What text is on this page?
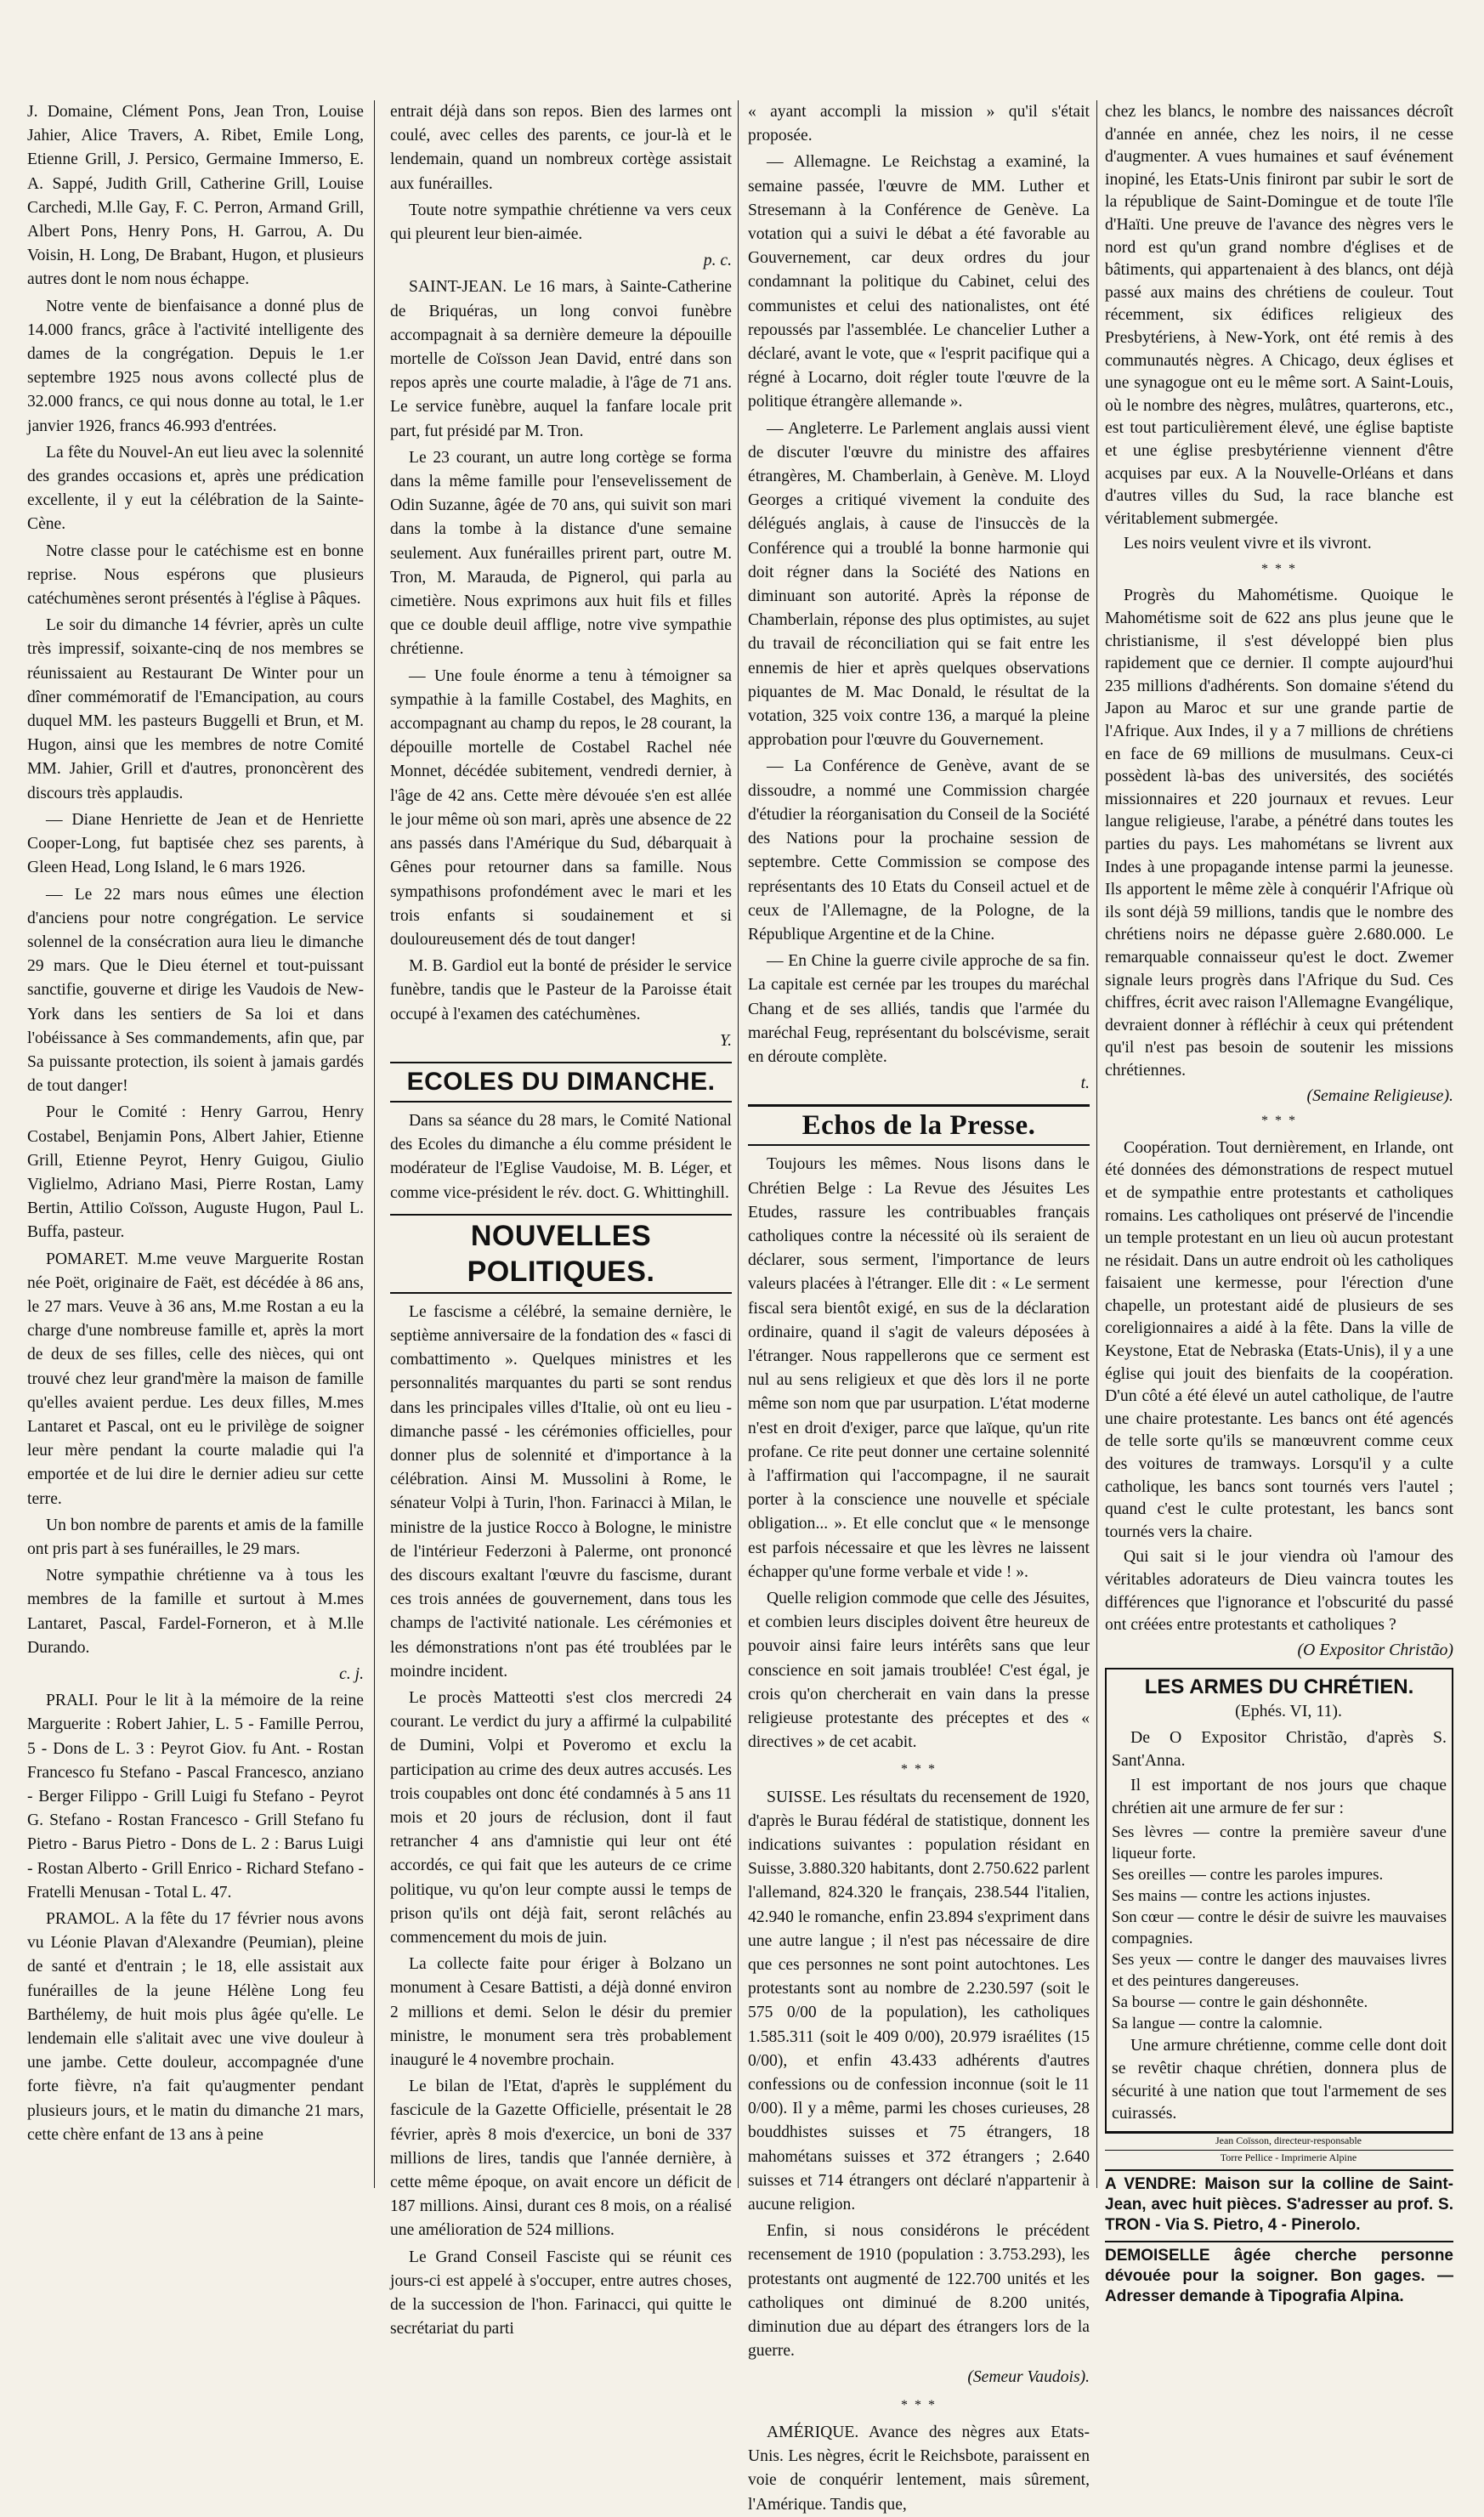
J. Domaine, Clément Pons, Jean Tron, Louise Jahier, Alice Travers, A. Ribet, Emile Long, Etienne Grill, J. Persico, Germaine Immerso, E. A. Sappé, Judith Grill, Catherine Grill, Louise Carchedi, M.lle Gay, F. C. Perron, Armand Grill, Albert Pons, Henry Pons, H. Garrou, A. Du Voisin, H. Long, De Brabant, Hugon, et plusieurs autres dont le nom nous échappe.

Notre vente de bienfaisance a donné plus de 14.000 francs, grâce à l'activité intelligente des dames de la congrégation. Depuis le 1.er septembre 1925 nous avons collecté plus de 32.000 francs, ce qui nous donne au total, le 1.er janvier 1926, francs 46.993 d'entrées.

La fête du Nouvel-An eut lieu avec la solennité des grandes occasions et, après une prédication excellente, il y eut la célébration de la Sainte-Cène.

Notre classe pour le catéchisme est en bonne reprise. Nous espérons que plusieurs catéchumènes seront présentés à l'église à Pâques.

Le soir du dimanche 14 février, après un culte très impressif, soixante-cinq de nos membres se réunissaient au Restaurant De Winter pour un dîner commémoratif de l'Emancipation, au cours duquel MM. les pasteurs Buggelli et Brun, et M. Hugon, ainsi que les membres de notre Comité MM. Jahier, Grill et d'autres, prononcèrent des discours très applaudis.

— Diane Henriette de Jean et de Henriette Cooper-Long, fut baptisée chez ses parents, à Gleen Head, Long Island, le 6 mars 1926.

— Le 22 mars nous eûmes une élection d'anciens pour notre congrégation. Le service solennel de la consécration aura lieu le dimanche 29 mars. Que le Dieu éternel et tout-puissant sanctifie, gouverne et dirige les Vaudois de New-York dans les sentiers de Sa loi et dans l'obéissance à Ses commandements, afin que, par Sa puissante protection, ils soient à jamais gardés de tout danger!

Pour le Comité : Henry Garrou, Henry Costabel, Benjamin Pons, Albert Jahier, Etienne Grill, Etienne Peyrot, Henry Guigou, Giulio Viglielmo, Adriano Masi, Pierre Rostan, Lamy Bertin, Attilio Coïsson, Auguste Hugon, Paul L. Buffa, pasteur.

POMARET. M.me veuve Marguerite Rostan née Poët, originaire de Faët, est décédée à 86 ans, le 27 mars. Veuve à 36 ans, M.me Rostan a eu la charge d'une nombreuse famille et, après la mort de deux de ses filles, celle des nièces, qui ont trouvé chez leur grand'mère la maison de famille qu'elles avaient perdue. Les deux filles, M.mes Lantaret et Pascal, ont eu le privilège de soigner leur mère pendant la courte maladie qui l'a emportée et de lui dire le dernier adieu sur cette terre.

Un bon nombre de parents et amis de la famille ont pris part à ses funérailles, le 29 mars.

Notre sympathie chrétienne va à tous les membres de la famille et surtout à M.mes Lantaret, Pascal, Fardel-Forneron, et à M.lle Durando.

c. j.

PRALI. Pour le lit à la mémoire de la reine Marguerite : Robert Jahier, L. 5 - Famille Perrou, 5 - Dons de L. 3 : Peyrot Giov. fu Ant. - Rostan Francesco fu Stefano - Pascal Francesco, anziano - Berger Filippo - Grill Luigi fu Stefano - Peyrot G. Stefano - Rostan Francesco - Grill Stefano fu Pietro - Barus Pietro - Dons de L. 2 : Barus Luigi - Rostan Alberto - Grill Enrico - Richard Stefano - Fratelli Menusan - Total L. 47.

PRAMOL. A la fête du 17 février nous avons vu Léonie Plavan d'Alexandre (Peumian), pleine de santé et d'entrain ; le 18, elle assistait aux funérailles de la jeune Hélène Long feu Barthélemy, de huit mois plus âgée qu'elle. Le lendemain elle s'alitait avec une vive douleur à une jambe. Cette douleur, accompagnée d'une forte fièvre, n'a fait qu'augmenter pendant plusieurs jours, et le matin du dimanche 21 mars, cette chère enfant de 13 ans à peine

entrait déjà dans son repos. Bien des larmes ont coulé, avec celles des parents, ce jour-là et le lendemain, quand un nombreux cortège assistait aux funérailles.

Toute notre sympathie chrétienne va vers ceux qui pleurent leur bien-aimée.

p. c.

SAINT-JEAN. Le 16 mars, à Sainte-Catherine de Briquéras, un long convoi funèbre accompagnait à sa dernière demeure la dépouille mortelle de Coïsson Jean David, entré dans son repos après une courte maladie, à l'âge de 71 ans. Le service funèbre, auquel la fanfare locale prit part, fut présidé par M. Tron.

Le 23 courant, un autre long cortège se forma dans la même famille pour l'ensevelissement de Odin Suzanne, âgée de 70 ans, qui suivit son mari dans la tombe à la distance d'une semaine seulement. Aux funérailles prirent part, outre M. Tron, M. Marauda, de Pignerol, qui parla au cimetière. Nous exprimons aux huit fils et filles que ce double deuil afflige, notre vive sympathie chrétienne.

— Une foule énorme a tenu à témoigner sa sympathie à la famille Costabel, des Maghits, en accompagnant au champ du repos, le 28 courant, la dépouille mortelle de Costabel Rachel née Monnet, décédée subitement, vendredi dernier, à l'âge de 42 ans. Cette mère dévouée s'en est allée le jour même où son mari, après une absence de 22 ans passés dans l'Amérique du Sud, débarquait à Gênes pour retourner dans sa famille. Nous sympathisons profondément avec le mari et les trois enfants si soudainement et si douloureusement dés de tout danger!

M. B. Gardiol eut la bonté de présider le service funèbre, tandis que le Pasteur de la Paroisse était occupé à l'examen des catéchumènes.

Y.

ECOLES DU DIMANCHE.

Dans sa séance du 28 mars, le Comité National des Ecoles du dimanche a élu comme président le modérateur de l'Eglise Vaudoise, M. B. Léger, et comme vice-président le rév. doct. G. Whittinghill.

NOUVELLES POLITIQUES.

Le fascisme a célébré, la semaine dernière, le septième anniversaire de la fondation des « fasci di combattimento ». Quelques ministres et les personnalités marquantes du parti se sont rendus dans les principales villes d'Italie, où ont eu lieu - dimanche passé - les cérémonies officielles, pour donner plus de solennité et d'importance à la célébration. Ainsi M. Mussolini à Rome, le sénateur Volpi à Turin, l'hon. Farinacci à Milan, le ministre de la justice Rocco à Bologne, le ministre de l'intérieur Federzoni à Palerme, ont prononcé des discours exaltant l'œuvre du fascisme, durant ces trois années de gouvernement, dans tous les champs de l'activité nationale. Les cérémonies et les démonstrations n'ont pas été troublées par le moindre incident.

Le procès Matteotti s'est clos mercredi 24 courant. Le verdict du jury a affirmé la culpabilité de Dumini, Volpi et Poveromo et exclu la participation au crime des deux autres accusés. Les trois coupables ont donc été condamnés à 5 ans 11 mois et 20 jours de réclusion, dont il faut retrancher 4 ans d'amnistie qui leur ont été accordés, ce qui fait que les auteurs de ce crime politique, vu qu'on leur compte aussi le temps de prison qu'ils ont déjà fait, seront relâchés au commencement du mois de juin.

La collecte faite pour ériger à Bolzano un monument à Cesare Battisti, a déjà donné environ 2 millions et demi. Selon le désir du premier ministre, le monument sera très probablement inauguré le 4 novembre prochain.

Le bilan de l'Etat, d'après le supplément du fascicule de la Gazette Officielle, présentait le 28 février, après 8 mois d'exercice, un boni de 337 millions de lires, tandis que l'année dernière, à cette même époque, on avait encore un déficit de 187 millions. Ainsi, durant ces 8 mois, on a réalisé une amélioration de 524 millions.

Le Grand Conseil Fasciste qui se réunit ces jours-ci est appelé à s'occuper, entre autres choses, de la succession de l'hon. Farinacci, qui quitte le secrétariat du parti

« ayant accompli la mission » qu'il s'était proposée.

— Allemagne. Le Reichstag a examiné, la semaine passée, l'œuvre de MM. Luther et Stresemann à la Conférence de Genève. La votation qui a suivi le débat a été favorable au Gouvernement, car deux ordres du jour condamnant la politique du Cabinet, celui des communistes et celui des nationalistes, ont été repoussés par l'assemblée. Le chancelier Luther a déclaré, avant le vote, que « l'esprit pacifique qui a régné à Locarno, doit régler toute l'œuvre de la politique étrangère allemande ».

— Angleterre. Le Parlement anglais aussi vient de discuter l'œuvre du ministre des affaires étrangères, M. Chamberlain, à Genève. M. Lloyd Georges a critiqué vivement la conduite des délégués anglais, à cause de l'insuccès de la Conférence qui a troublé la bonne harmonie qui doit régner dans la Société des Nations en diminuant son autorité. Après la réponse de Chamberlain, réponse des plus optimistes, au sujet du travail de réconciliation qui se fait entre les ennemis de hier et après quelques observations piquantes de M. Mac Donald, le résultat de la votation, 325 voix contre 136, a marqué la pleine approbation pour l'œuvre du Gouvernement.

— La Conférence de Genève, avant de se dissoudre, a nommé une Commission chargée d'étudier la réorganisation du Conseil de la Société des Nations pour la prochaine session de septembre. Cette Commission se compose des représentants des 10 Etats du Conseil actuel et de ceux de l'Allemagne, de la Pologne, de la République Argentine et de la Chine.

— En Chine la guerre civile approche de sa fin. La capitale est cernée par les troupes du maréchal Chang et de ses alliés, tandis que l'armée du maréchal Feug, représentant du bolscévisme, serait en déroute complète.

t.

Echos de la Presse.

Toujours les mêmes. Nous lisons dans le Chrétien Belge : La Revue des Jésuites Les Etudes, rassure les contribuables français catholiques contre la nécessité où ils seraient de déclarer, sous serment, l'importance de leurs valeurs placées à l'étranger. Elle dit : « Le serment fiscal sera bientôt exigé, en sus de la déclaration ordinaire, quand il s'agit de valeurs déposées à l'étranger. Nous rappellerons que ce serment est nul au sens religieux et que dès lors il ne porte même son nom que par usurpation. L'état moderne n'est en droit d'exiger, parce que laïque, qu'un rite profane. Ce rite peut donner une certaine solennité à l'affirmation qui l'accompagne, il ne saurait porter à la conscience une nouvelle et spéciale obligation... ». Et elle conclut que « le mensonge est parfois nécessaire et que les lèvres ne laissent échapper qu'une forme verbale et vide ! ».

Quelle religion commode que celle des Jésuites, et combien leurs disciples doivent être heureux de pouvoir ainsi faire leurs intérêts sans que leur conscience en soit jamais troublée! C'est égal, je crois qu'on chercherait en vain dans la presse religieuse protestante des préceptes et des « directives » de cet acabit.

* * *

SUISSE. Les résultats du recensement de 1920, d'après le Burau fédéral de statistique, donnent les indications suivantes : population résidant en Suisse, 3.880.320 habitants, dont 2.750.622 parlent l'allemand, 824.320 le français, 238.544 l'italien, 42.940 le romanche, enfin 23.894 s'expriment dans une autre langue ; il n'est pas nécessaire de dire que ces personnes ne sont point autochtones. Les protestants sont au nombre de 2.230.597 (soit le 575 0/00 de la population), les catholiques 1.585.311 (soit le 409 0/00), 20.979 israélites (15 0/00), et enfin 43.433 adhérents d'autres confessions ou de confession inconnue (soit le 11 0/00). Il y a même, parmi les choses curieuses, 28 bouddhistes suisses et 75 étrangers, 18 mahométans suisses et 372 étrangers ; 2.640 suisses et 714 étrangers ont déclaré n'appartenir à aucune religion.

Enfin, si nous considérons le précédent recensement de 1910 (population : 3.753.293), les protestants ont augmenté de 122.700 unités et les catholiques ont diminué de 8.200 unités, diminution due au départ des étrangers lors de la guerre.

(Semeur Vaudois).

* * *

AMÉRIQUE. Avance des nègres aux Etats-Unis. Les nègres, écrit le Reichsbote, paraissent en voie de conquérir lentement, mais sûrement, l'Amérique. Tandis que,

chez les blancs, le nombre des naissances décroît d'année en année, chez les noirs, il ne cesse d'augmenter. A vues humaines et sauf événement inopiné, les Etats-Unis finiront par subir le sort de la république de Saint-Domingue et de toute l'île d'Haïti. Une preuve de l'avance des nègres vers le nord est qu'un grand nombre d'églises et de bâtiments, qui appartenaient à des blancs, ont déjà passé aux mains des chrétiens de couleur. Tout récemment, six édifices religieux des Presbytériens, à New-York, ont été remis à des communautés nègres. A Chicago, deux églises et une synagogue ont eu le même sort. A Saint-Louis, où le nombre des nègres, mulâtres, quarterons, etc., est tout particulièrement élevé, une église baptiste et une église presbytérienne viennent d'être acquises par eux. A la Nouvelle-Orléans et dans d'autres villes du Sud, la race blanche est véritablement submergée.

Les noirs veulent vivre et ils vivront.

* * *

Progrès du Mahométisme. Quoique le Mahométisme soit de 622 ans plus jeune que le christianisme, il s'est développé bien plus rapidement que ce dernier. Il compte aujourd'hui 235 millions d'adhérents. Son domaine s'étend du Japon au Maroc et sur une grande partie de l'Afrique. Aux Indes, il y a 7 millions de chrétiens en face de 69 millions de musulmans. Ceux-ci possèdent là-bas des universités, des sociétés missionnaires et 220 journaux et revues. Leur langue religieuse, l'arabe, a pénétré dans toutes les parties du pays. Les mahométans se livrent aux Indes à une propagande intense parmi la jeunesse. Ils apportent le même zèle à conquérir l'Afrique où ils sont déjà 59 millions, tandis que le nombre des chrétiens noirs ne dépasse guère 2.680.000. Le remarquable connaisseur qu'est le doct. Zwemer signale leurs progrès dans l'Afrique du Sud. Ces chiffres, écrit avec raison l'Allemagne Evangélique, devraient donner à réfléchir à ceux qui prétendent qu'il n'est pas besoin de soutenir les missions chrétiennes.

(Semaine Religieuse).

* * *

Coopération. Tout dernièrement, en Irlande, ont été données des démonstrations de respect mutuel et de sympathie entre protestants et catholiques romains. Les catholiques ont préservé de l'incendie un temple protestant en un lieu où aucun protestant ne résidait. Dans un autre endroit où les catholiques faisaient une kermesse, pour l'érection d'une chapelle, un protestant aidé de plusieurs de ses coreligionnaires a aidé à la fête. Dans la ville de Keystone, Etat de Nebraska (Etats-Unis), il y a une église qui jouit des bienfaits de la coopération. D'un côté a été élevé un autel catholique, de l'autre une chaire protestante. Les bancs ont été agencés de telle sorte qu'ils se manœuvrent comme ceux des voitures de tramways. Lorsqu'il y a culte catholique, les bancs sont tournés vers l'autel ; quand c'est le culte protestant, les bancs sont tournés vers la chaire.

Qui sait si le jour viendra où l'amour des véritables adorateurs de Dieu vaincra toutes les différences que l'ignorance et l'obscurité du passé ont créées entre protestants et catholiques ?

(O Expositor Christão)

LES ARMES DU CHRÉTIEN.

(Ephés. VI, 11).

De O Expositor Christão, d'après S. Sant'Anna.

Il est important de nos jours que chaque chrétien ait une armure de fer sur :

Ses lèvres — contre la première saveur d'une liqueur forte.

Ses oreilles — contre les paroles impures.

Ses mains — contre les actions injustes.

Son cœur — contre le désir de suivre les mauvaises compagnies.

Ses yeux — contre le danger des mauvaises livres et des peintures dangereuses.

Sa bourse — contre le gain déshonnête.

Sa langue — contre la calomnie.

Une armure chrétienne, comme celle dont doit se revêtir chaque chrétien, donnera plus de sécurité à une nation que tout l'armement de ses cuirassés.

Jean Coïsson, directeur-responsable

Torre Pellice - Imprimerie Alpine

A VENDRE: Maison sur la colline de Saint-Jean, avec huit pièces. S'adresser au prof. S. TRON - Via S. Pietro, 4 - Pinerolo.
DEMOISELLE âgée cherche personne dévouée pour la soigner. Bon gages. — Adresser demande à Tipografia Alpina.
